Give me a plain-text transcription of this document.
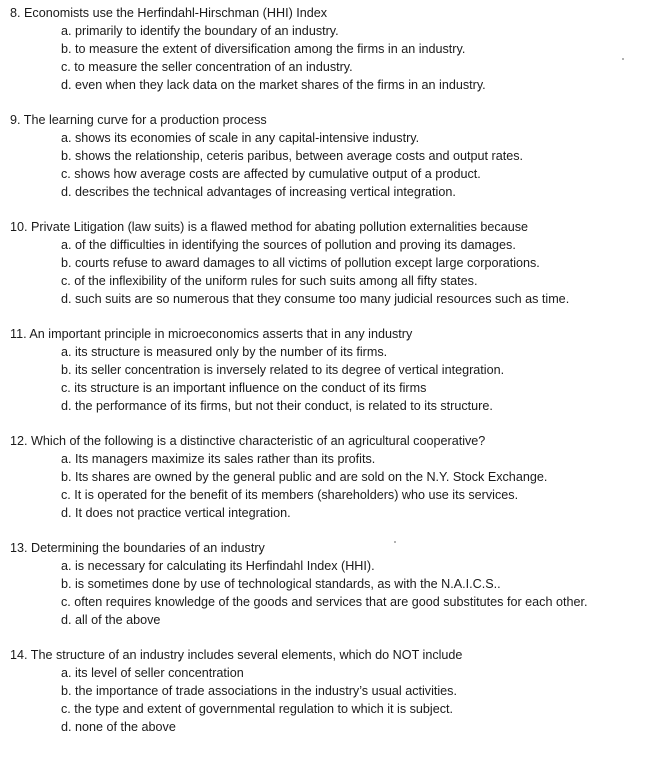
8. Economists use the Herfindahl-Hirschman (HHI) Index
a. primarily to identify the boundary of an industry.
b. to measure the extent of diversification among the firms in an industry.
c. to measure the seller concentration of an industry.
d. even when they lack data on the market shares of the firms in an industry.
9. The learning curve for a production process
a. shows its economies of scale in any capital-intensive industry.
b. shows the relationship, ceteris paribus, between average costs and output rates.
c. shows how average costs are affected by cumulative output of a product.
d. describes the technical advantages of increasing vertical integration.
10. Private Litigation (law suits) is a flawed method for abating pollution externalities because
a. of the difficulties in identifying the sources of pollution and proving its damages.
b. courts refuse to award damages to all victims of pollution except large corporations.
c. of the inflexibility of the uniform rules for such suits among all fifty states.
d. such suits are so numerous that they consume too many judicial resources such as time.
11. An important principle in microeconomics asserts that in any industry
a. its structure is measured only by the number of its firms.
b. its seller concentration is inversely related to its degree of vertical integration.
c. its structure is an important influence on the conduct of its firms
d. the performance of its firms, but not their conduct, is related to its structure.
12. Which of the following is a distinctive characteristic of an agricultural cooperative?
a. Its managers maximize its sales rather than its profits.
b. Its shares are owned by the general public and are sold on the N.Y. Stock Exchange.
c. It is operated for the benefit of its members (shareholders) who use its services.
d. It does not practice vertical integration.
13. Determining the boundaries of an industry
a. is necessary for calculating its Herfindahl Index (HHI).
b. is sometimes done by use of technological standards, as with the N.A.I.C.S..
c. often requires knowledge of the goods and services that are good substitutes for each other.
d. all of the above
14. The structure of an industry includes several elements, which do NOT include
a. its level of seller concentration
b. the importance of trade associations in the industry’s usual activities.
c. the type and extent of governmental regulation to which it is subject.
d. none of the above
